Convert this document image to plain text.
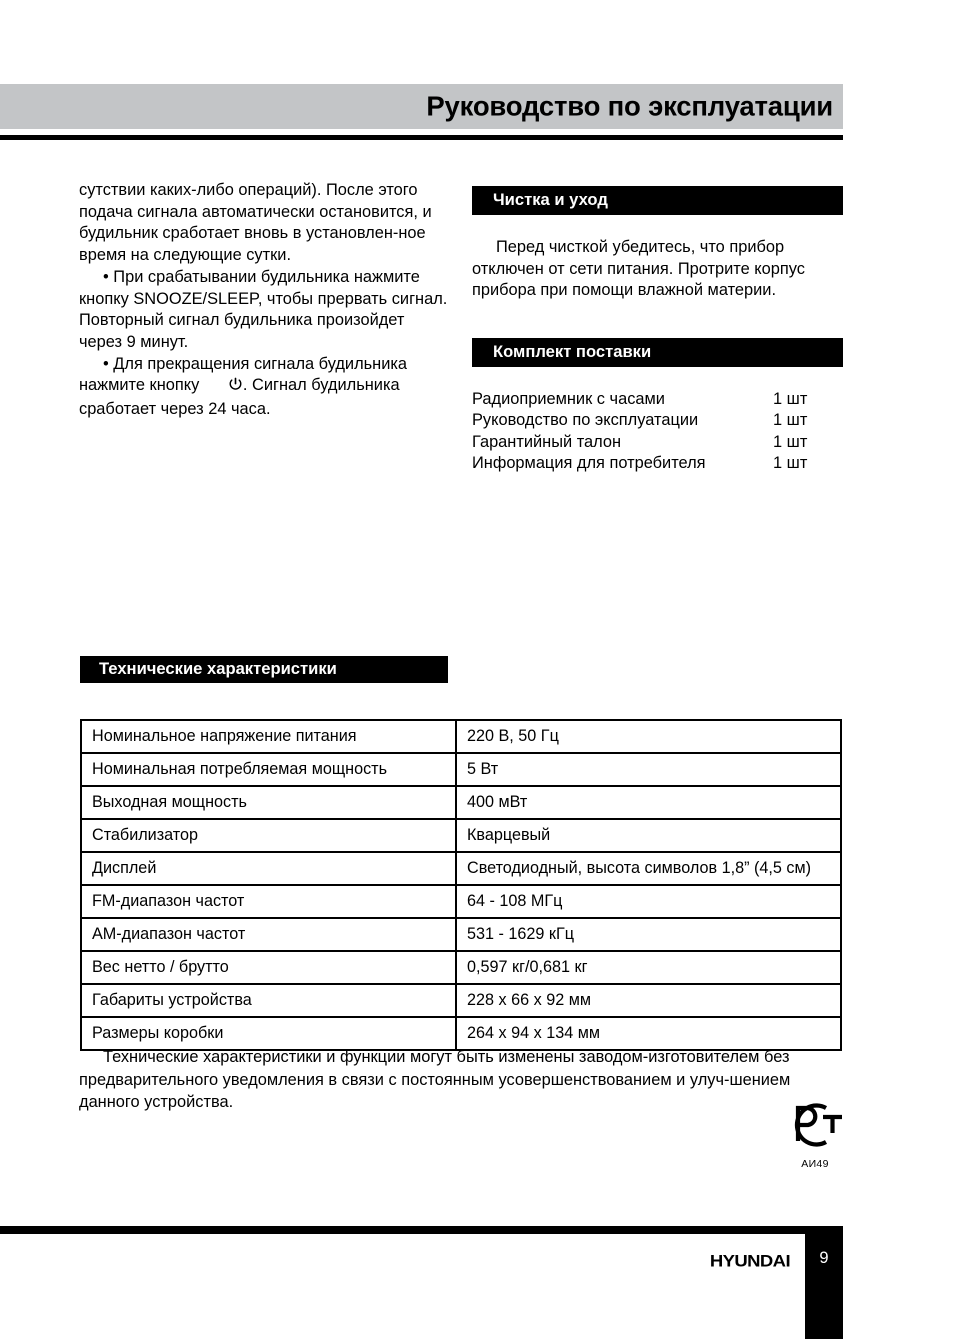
Руководство по эксплуатации

сутствии каких-либо операций). После этого подача сигнала автоматически остановится, и будильник сработает вновь в установлен-ное время на следующие сутки.

• При срабатывании будильника нажмите кнопку SNOOZE/SLEEP, чтобы прервать сигнал. Повторный сигнал будильника произойдет через 9 минут.

• Для прекращения сигнала будильника нажмите кнопку . Сигнал будильника сработает через 24 часа.

Чистка и уход

Перед чисткой убедитесь, что прибор отключен от сети питания. Протрите корпус прибора при помощи влажной материи.

Комплект поставки
Радиоприемник с часами	1 шт
Руководство по эксплуатации	1 шт
Гарантийный талон	1 шт
Информация для потребителя	1 шт
Технические характеристики
Номинальное напряжение питания	220 В, 50 Гц
Номинальная потребляемая мощность	5 Вт
Выходная мощность	400 мВт
Стабилизатор	Кварцевый
Дисплей	Светодиодный, высота символов 1,8” (4,5 см)
FM-диапазон частот	64 - 108 МГц
АМ-диапазон частот	531 - 1629 кГц
Вес нетто / брутто	0,597 кг/0,681 кг
Габариты устройства	228 x 66 x 92 мм
Размеры коробки	264 x 94 x 134 мм

Технические характеристики и функции могут быть изменены заводом-изготовителем без предварительного уведомления в связи с постоянным усовершенствованием и улуч-шением данного устройства.

АИ49
HYUNDAI	9
